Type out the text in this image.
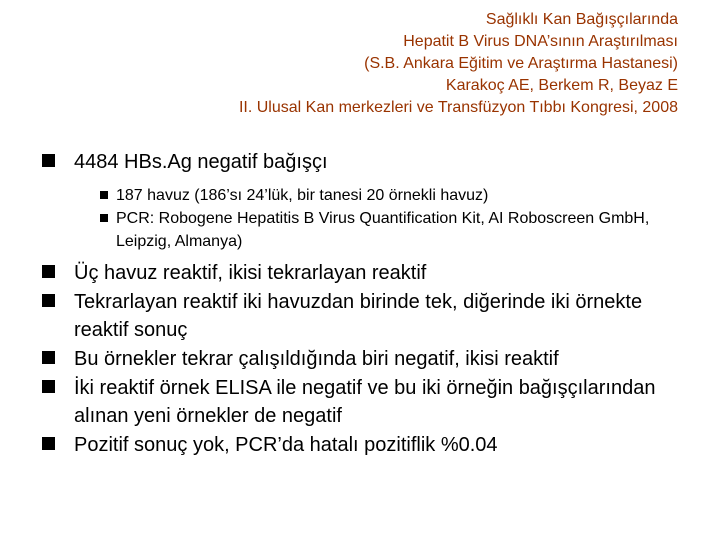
Sağlıklı Kan Bağışçılarında
Hepatit B Virus DNA’sının Araştırılması
(S.B. Ankara Eğitim ve Araştırma Hastanesi)
Karakoç AE, Berkem R, Beyaz E
II. Ulusal Kan merkezleri ve Transfüzyon Tıbbı Kongresi, 2008
4484 HBs.Ag negatif bağışçı
187 havuz (186’sı 24’lük, bir tanesi 20 örnekli havuz)
PCR: Robogene Hepatitis B Virus Quantification Kit, AI Roboscreen GmbH, Leipzig, Almanya)
Üç havuz reaktif, ikisi tekrarlayan reaktif
Tekrarlayan reaktif iki havuzdan birinde tek, diğerinde iki örnekte reaktif sonuç
Bu örnekler tekrar çalışıldığında biri negatif, ikisi reaktif
İki reaktif örnek ELISA ile negatif ve bu iki örneğin bağışçılarından alınan yeni örnekler de negatif
Pozitif sonuç yok, PCR’da hatalı pozitiflik %0.04
